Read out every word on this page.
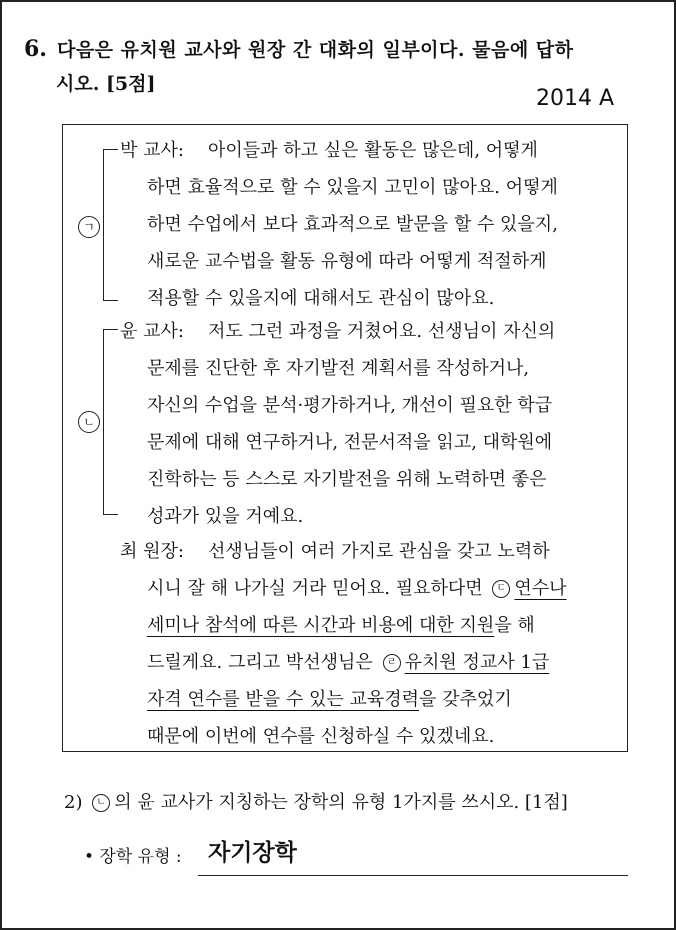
6. 다음은 유치원 교사와 원장 간 대화의 일부이다. 물음에 답하
시오. [5점]
2014 A
ㄱ
박 교사: 아이들과 하고 싶은 활동은 많은데, 어떻게
하면 효율적으로 할 수 있을지 고민이 많아요. 어떻게
하면 수업에서 보다 효과적으로 발문을 할 수 있을지,
새로운 교수법을 활동 유형에 따라 어떻게 적절하게
적용할 수 있을지에 대해서도 관심이 많아요.
ㄴ
윤 교사: 저도 그런 과정을 거쳤어요. 선생님이 자신의
문제를 진단한 후 자기발전 계획서를 작성하거나,
자신의 수업을 분석·평가하거나, 개선이 필요한 학급
문제에 대해 연구하거나, 전문서적을 읽고, 대학원에
진학하는 등 스스로 자기발전을 위해 노력하면 좋은
성과가 있을 거예요.
최 원장: 선생님들이 여러 가지로 관심을 갖고 노력하
시니 잘 해 나가실 거라 믿어요. 필요하다면 ㄷ 연수나
세미나 참석에 따른 시간과 비용에 대한 지원을 해
드릴게요. 그리고 박선생님은 ㄹ 유치원 정교사 1급
자격 연수를 받을 수 있는 교육경력을 갖추었기
때문에 이번에 연수를 신청하실 수 있겠네요.
2) ㄴ 의 윤 교사가 지칭하는 장학의 유형 1가지를 쓰시오. [1점]
• 장학 유형 : 자기장학
